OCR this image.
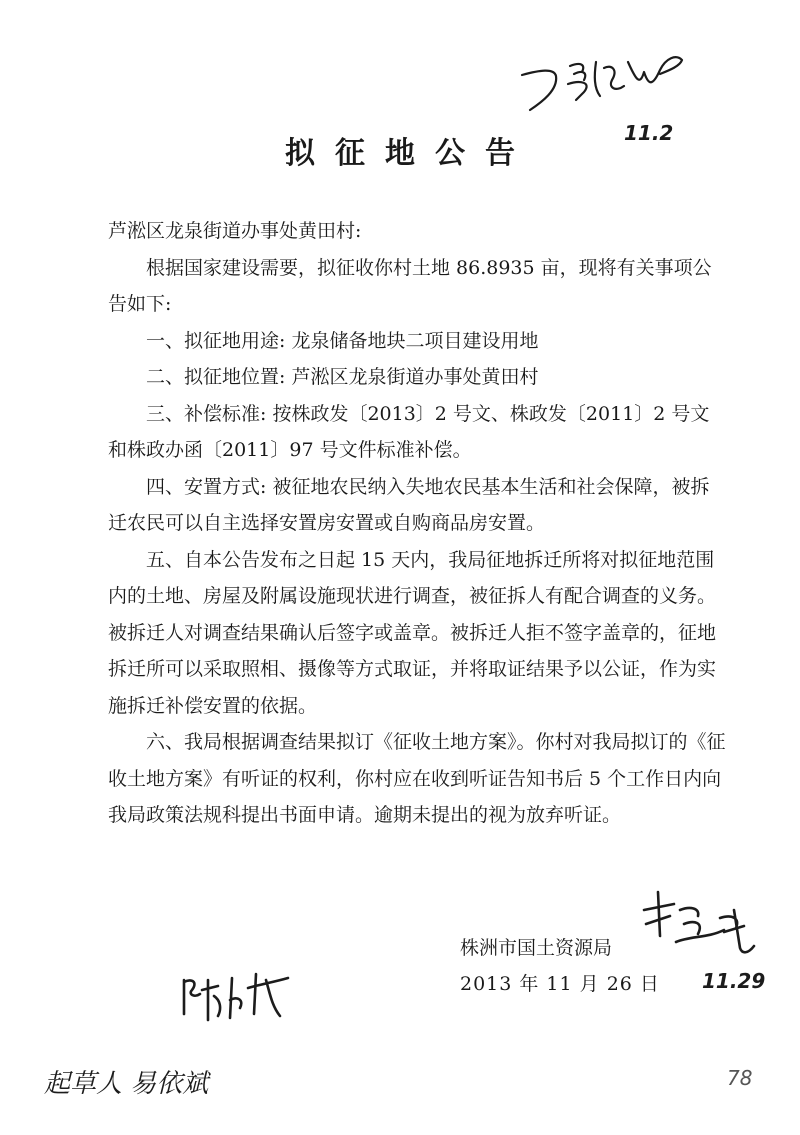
拟征地公告

芦淞区龙泉街道办事处黄田村:

根据国家建设需要，拟征收你村土地 86.8935 亩，现将有关事项公告如下:

一、拟征地用途: 龙泉储备地块二项目建设用地

二、拟征地位置: 芦淞区龙泉街道办事处黄田村

三、补偿标准: 按株政发〔2013〕2 号文、株政发〔2011〕2 号文和株政办函〔2011〕97 号文件标准补偿。

四、安置方式: 被征地农民纳入失地农民基本生活和社会保障，被拆迁农民可以自主选择安置房安置或自购商品房安置。

五、自本公告发布之日起 15 天内，我局征地拆迁所将对拟征地范围内的土地、房屋及附属设施现状进行调查，被征拆人有配合调查的义务。被拆迁人对调查结果确认后签字或盖章。被拆迁人拒不签字盖章的，征地拆迁所可以采取照相、摄像等方式取证，并将取证结果予以公证，作为实施拆迁补偿安置的依据。

六、我局根据调查结果拟订《征收土地方案》。你村对我局拟订的《征收土地方案》有听证的权利，你村应在收到听证告知书后 5 个工作日内向我局政策法规科提出书面申请。逾期未提出的视为放弃听证。

株洲市国土资源局
2013 年 11 月 26 日
11.2
11.29
起草人 易依斌	78
